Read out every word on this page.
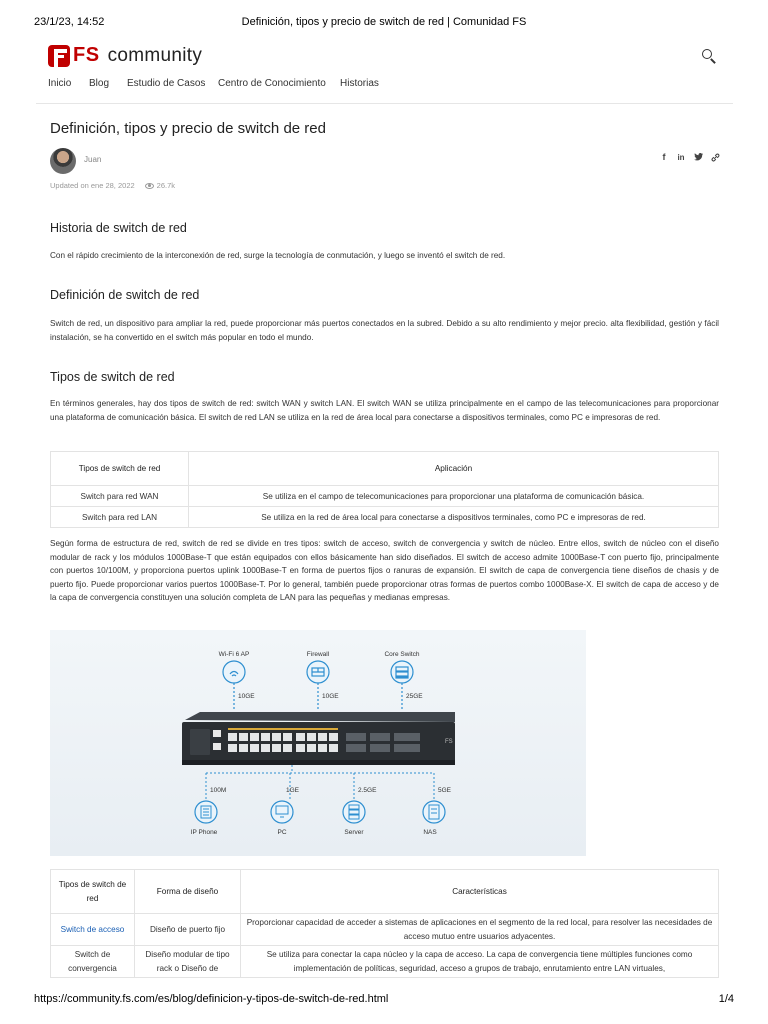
23/1/23, 14:52	Definición, tipos y precio de switch de red | Comunidad FS
FS community
Inicio Blog Estudio de Casos Centro de Conocimiento Historias
Definición, tipos y precio de switch de red
Juan	f	in
Updated on ene 28, 2022	26.7k
Historia de switch de red

Con el rápido crecimiento de la interconexión de red, surge la tecnología de conmutación, y luego se inventó el switch de red.

Definición de switch de red

Switch de red, un dispositivo para ampliar la red, puede proporcionar más puertos conectados en la subred. Debido a su alto rendimiento y mejor precio. alta flexibilidad, gestión y fácil instalación, se ha convertido en el switch más popular en todo el mundo.

Tipos de switch de red

En términos generales, hay dos tipos de switch de red: switch WAN y switch LAN. El switch WAN se utiliza principalmente en el campo de las telecomunicaciones para proporcionar una plataforma de comunicación básica. El switch de red LAN se utiliza en la red de área local para conectarse a dispositivos terminales, como PC e impresoras de red.

Tipos de switch de red	Aplicación
Switch para red WAN	Se utiliza en el campo de telecomunicaciones para proporcionar una plataforma de comunicación básica.
Switch para red LAN	Se utiliza en la red de área local para conectarse a dispositivos terminales, como PC e impresoras de red.

Según forma de estructura de red, switch de red se divide en tres tipos: switch de acceso, switch de convergencia y switch de núcleo. Entre ellos, switch de núcleo con el diseño modular de rack y los módulos 1000Base-T que están equipados con ellos básicamente han sido diseñados. El switch de acceso admite 1000Base-T con puerto fijo, principalmente con puertos 10/100M, y proporciona puertos uplink 1000Base-T en forma de puertos fijos o ranuras de expansión. El switch de capa de convergencia tiene diseños de chasis y de puerto fijo. Puede proporcionar varios puertos 1000Base-T. Por lo general, también puede proporcionar otras formas de puertos combo 1000Base-X. El switch de capa de acceso y de la capa de convergencia constituyen una solución completa de LAN para las pequeñas y medianas empresas.

Wi-Fi 6 AP	Firewall	Core Switch
10GE	10GE	25GE
FS
100M	1GE	2.5GE	5GE
IP Phone	PC	Server	NAS
Tipos de switch de red	Forma de diseño	Características
Switch de acceso	Diseño de puerto fijo	Proporcionar capacidad de acceder a sistemas de aplicaciones en el segmento de la red local, para resolver las necesidades de acceso mutuo entre usuarios adyacentes.
Switch de convergencia	Diseño modular de tipo rack o Diseño de	Se utiliza para conectar la capa núcleo y la capa de acceso. La capa de convergencia tiene múltiples funciones como implementación de políticas, seguridad, acceso a grupos de trabajo, enrutamiento entre LAN virtuales,
https://community.fs.com/es/blog/definicion-y-tipos-de-switch-de-red.html	1/4
